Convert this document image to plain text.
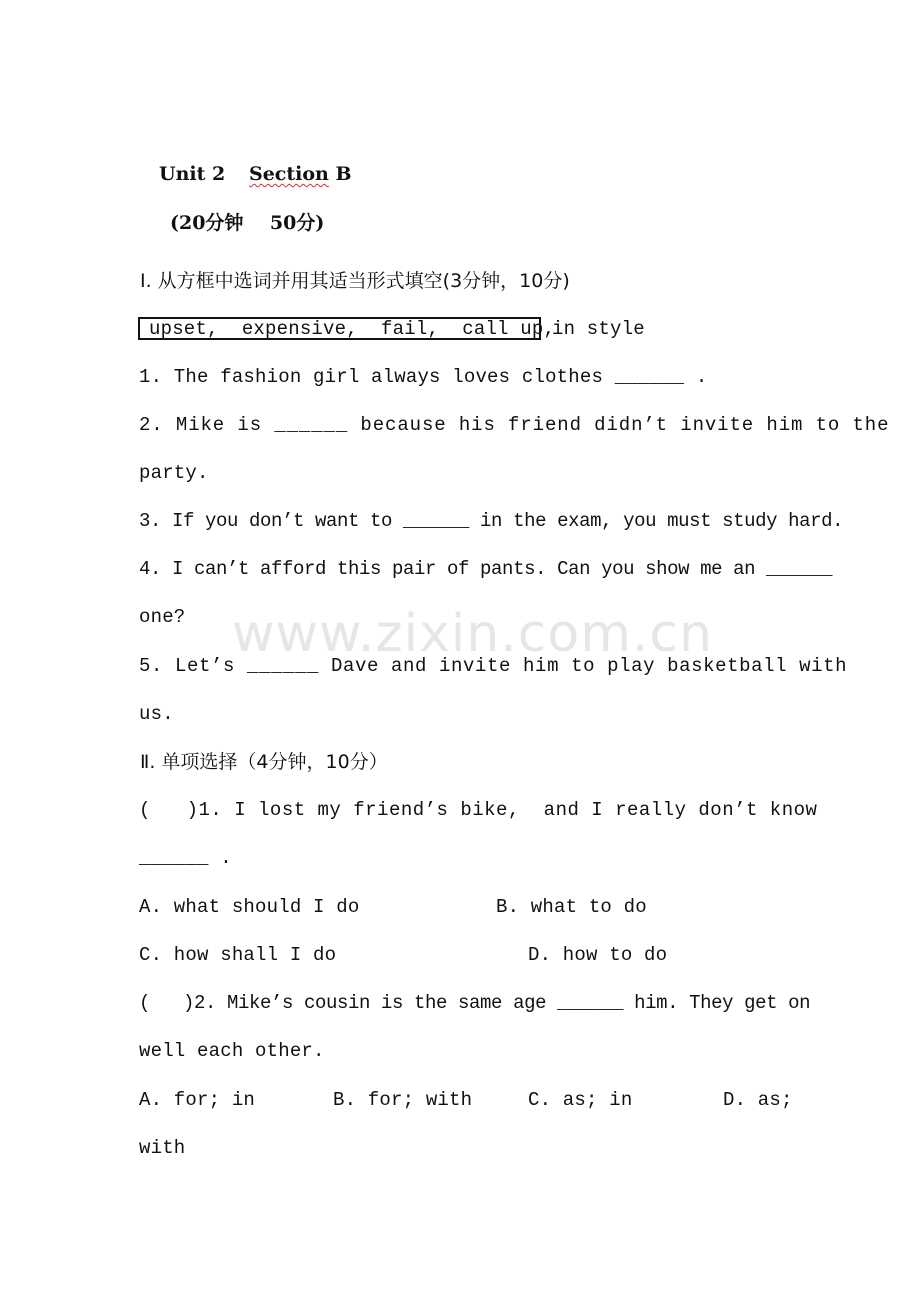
Unit 2 Section B
(20分钟    50分)
Ⅰ. 从方框中选词并用其适当形式填空(3分钟，10分)
upset,  expensive,  fail,  call up,
in style
1. The fashion girl always loves clothes ______ .
2. Mike is ______ because his friend didn’t invite him to the
party.
3. If you don’t want to ______ in the exam, you must study hard.
4. I can’t afford this pair of pants. Can you show me an ______
one?
5. Let’s ______ Dave and invite him to play basketball with
us.
www.zixin.com.cn
Ⅱ. 单项选择（4分钟，10分）
(   )1. I lost my friend’s bike,  and I really don’t know
______ .
A. what should I do	B. what to do
C. how shall I do	D. how to do
(   )2. Mike’s cousin is the same age ______ him. They get on
well each other.
A. for; in	B. for; with	C. as; in	D. as;
with
